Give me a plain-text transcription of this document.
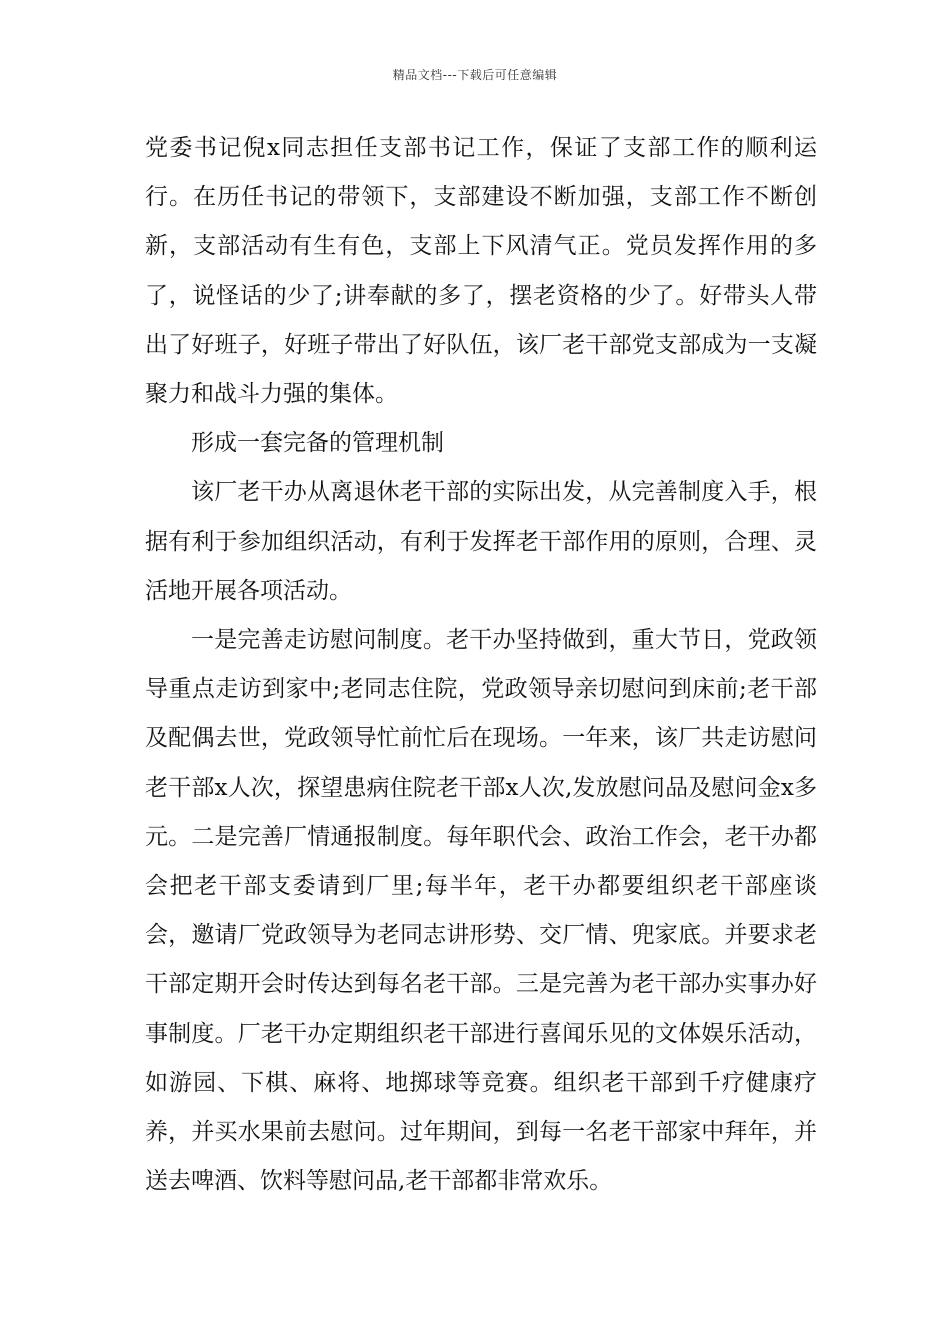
精品文档---下载后可任意编辑

党委书记倪x同志担任支部书记工作，保证了支部工作的顺利运行。在历任书记的带领下，支部建设不断加强，支部工作不断创新，支部活动有生有色，支部上下风清气正。党员发挥作用的多了，说怪话的少了;讲奉献的多了，摆老资格的少了。好带头人带出了好班子，好班子带出了好队伍，该厂老干部党支部成为一支凝聚力和战斗力强的集体。

形成一套完备的管理机制

该厂老干办从离退休老干部的实际出发，从完善制度入手，根据有利于参加组织活动，有利于发挥老干部作用的原则，合理、灵活地开展各项活动。

一是完善走访慰问制度。老干办坚持做到，重大节日，党政领导重点走访到家中;老同志住院，党政领导亲切慰问到床前;老干部及配偶去世，党政领导忙前忙后在现场。一年来，该厂共走访慰问老干部x人次，探望患病住院老干部x人次,发放慰问品及慰问金x多元。二是完善厂情通报制度。每年职代会、政治工作会，老干办都会把老干部支委请到厂里;每半年，老干办都要组织老干部座谈会，邀请厂党政领导为老同志讲形势、交厂情、兜家底。并要求老干部定期开会时传达到每名老干部。三是完善为老干部办实事办好事制度。厂老干办定期组织老干部进行喜闻乐见的文体娱乐活动，如游园、下棋、麻将、地掷球等竞赛。组织老干部到千疗健康疗养，并买水果前去慰问。过年期间，到每一名老干部家中拜年，并送去啤酒、饮料等慰问品,老干部都非常欢乐。
